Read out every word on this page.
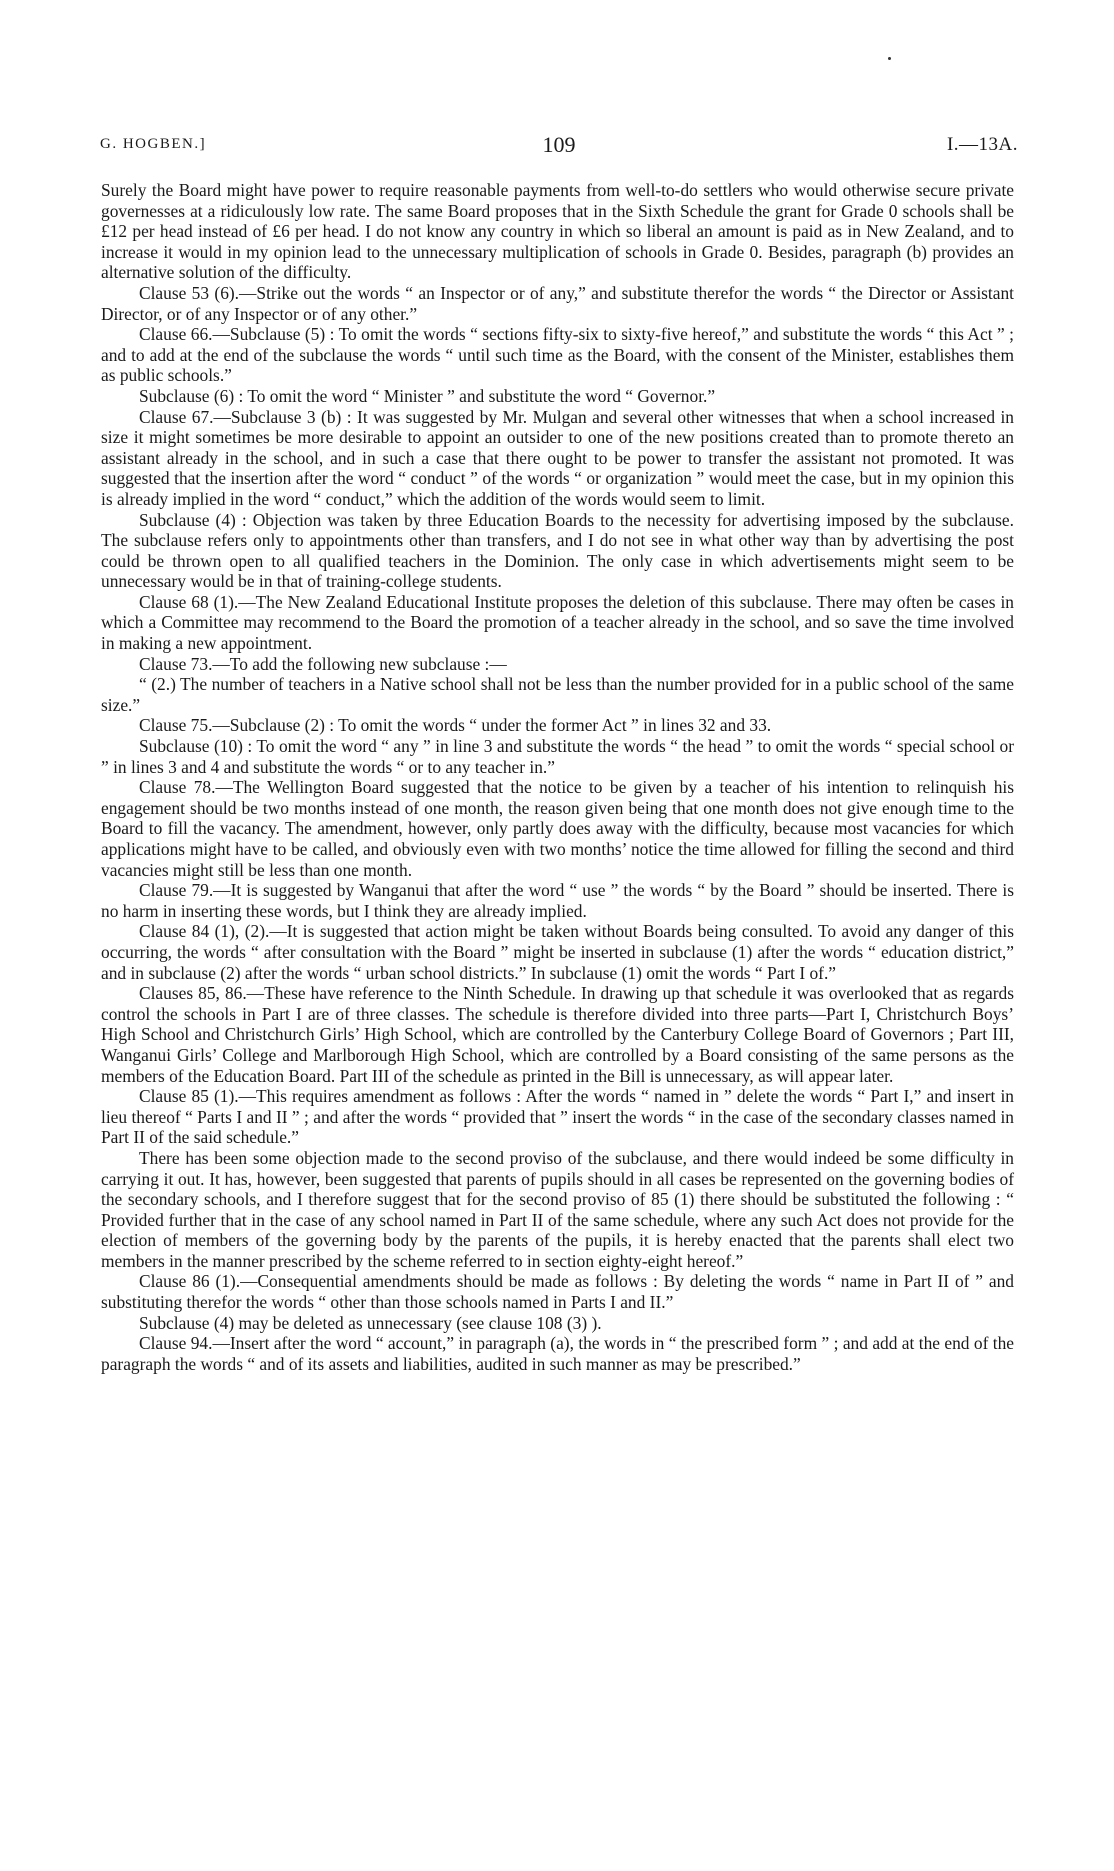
G. HOGBEN.]	109	I.—13A.

Surely the Board might have power to require reasonable payments from well-to-do settlers who would otherwise secure private governesses at a ridiculously low rate. The same Board proposes that in the Sixth Schedule the grant for Grade 0 schools shall be £12 per head instead of £6 per head. I do not know any country in which so liberal an amount is paid as in New Zealand, and to increase it would in my opinion lead to the unnecessary multiplication of schools in Grade 0. Besides, paragraph (b) provides an alternative solution of the difficulty.

Clause 53 (6).—Strike out the words “ an Inspector or of any,” and substitute therefor the words “ the Director or Assistant Director, or of any Inspector or of any other.”

Clause 66.—Subclause (5) : To omit the words “ sections fifty-six to sixty-five hereof,” and substitute the words “ this Act ” ; and to add at the end of the subclause the words “ until such time as the Board, with the consent of the Minister, establishes them as public schools.”

Subclause (6) : To omit the word “ Minister ” and substitute the word “ Governor.”

Clause 67.—Subclause 3 (b) : It was suggested by Mr. Mulgan and several other witnesses that when a school increased in size it might sometimes be more desirable to appoint an outsider to one of the new positions created than to promote thereto an assistant already in the school, and in such a case that there ought to be power to transfer the assistant not promoted. It was suggested that the insertion after the word “ conduct ” of the words “ or organization ” would meet the case, but in my opinion this is already implied in the word “ conduct,” which the addition of the words would seem to limit.

Subclause (4) : Objection was taken by three Education Boards to the necessity for advertising imposed by the subclause. The subclause refers only to appointments other than transfers, and I do not see in what other way than by advertising the post could be thrown open to all qualified teachers in the Dominion. The only case in which advertisements might seem to be unnecessary would be in that of training-college students.

Clause 68 (1).—The New Zealand Educational Institute proposes the deletion of this subclause. There may often be cases in which a Committee may recommend to the Board the promotion of a teacher already in the school, and so save the time involved in making a new appointment.

Clause 73.—To add the following new subclause :—

“ (2.) The number of teachers in a Native school shall not be less than the number provided for in a public school of the same size.”

Clause 75.—Subclause (2) : To omit the words “ under the former Act ” in lines 32 and 33.

Subclause (10) : To omit the word “ any ” in line 3 and substitute the words “ the head ” to omit the words “ special school or ” in lines 3 and 4 and substitute the words “ or to any teacher in.”

Clause 78.—The Wellington Board suggested that the notice to be given by a teacher of his intention to relinquish his engagement should be two months instead of one month, the reason given being that one month does not give enough time to the Board to fill the vacancy. The amendment, however, only partly does away with the difficulty, because most vacancies for which applications might have to be called, and obviously even with two months’ notice the time allowed for filling the second and third vacancies might still be less than one month.

Clause 79.—It is suggested by Wanganui that after the word “ use ” the words “ by the Board ” should be inserted. There is no harm in inserting these words, but I think they are already implied.

Clause 84 (1), (2).—It is suggested that action might be taken without Boards being consulted. To avoid any danger of this occurring, the words “ after consultation with the Board ” might be inserted in subclause (1) after the words “ education district,” and in subclause (2) after the words “ urban school districts.” In subclause (1) omit the words “ Part I of.”

Clauses 85, 86.—These have reference to the Ninth Schedule. In drawing up that schedule it was overlooked that as regards control the schools in Part I are of three classes. The schedule is therefore divided into three parts—Part I, Christchurch Boys’ High School and Christchurch Girls’ High School, which are controlled by the Canterbury College Board of Governors ; Part III, Wanganui Girls’ College and Marlborough High School, which are controlled by a Board consisting of the same persons as the members of the Education Board. Part III of the schedule as printed in the Bill is unnecessary, as will appear later.

Clause 85 (1).—This requires amendment as follows : After the words “ named in ” delete the words “ Part I,” and insert in lieu thereof “ Parts I and II ” ; and after the words “ provided that ” insert the words “ in the case of the secondary classes named in Part II of the said schedule.”

There has been some objection made to the second proviso of the subclause, and there would indeed be some difficulty in carrying it out. It has, however, been suggested that parents of pupils should in all cases be represented on the governing bodies of the secondary schools, and I therefore suggest that for the second proviso of 85 (1) there should be substituted the following : “ Provided further that in the case of any school named in Part II of the same schedule, where any such Act does not provide for the election of members of the governing body by the parents of the pupils, it is hereby enacted that the parents shall elect two members in the manner prescribed by the scheme referred to in section eighty-eight hereof.”

Clause 86 (1).—Consequential amendments should be made as follows : By deleting the words “ name in Part II of ” and substituting therefor the words “ other than those schools named in Parts I and II.”

Subclause (4) may be deleted as unnecessary (see clause 108 (3) ).

Clause 94.—Insert after the word “ account,” in paragraph (a), the words in “ the prescribed form ” ; and add at the end of the paragraph the words “ and of its assets and liabilities, audited in such manner as may be prescribed.”
